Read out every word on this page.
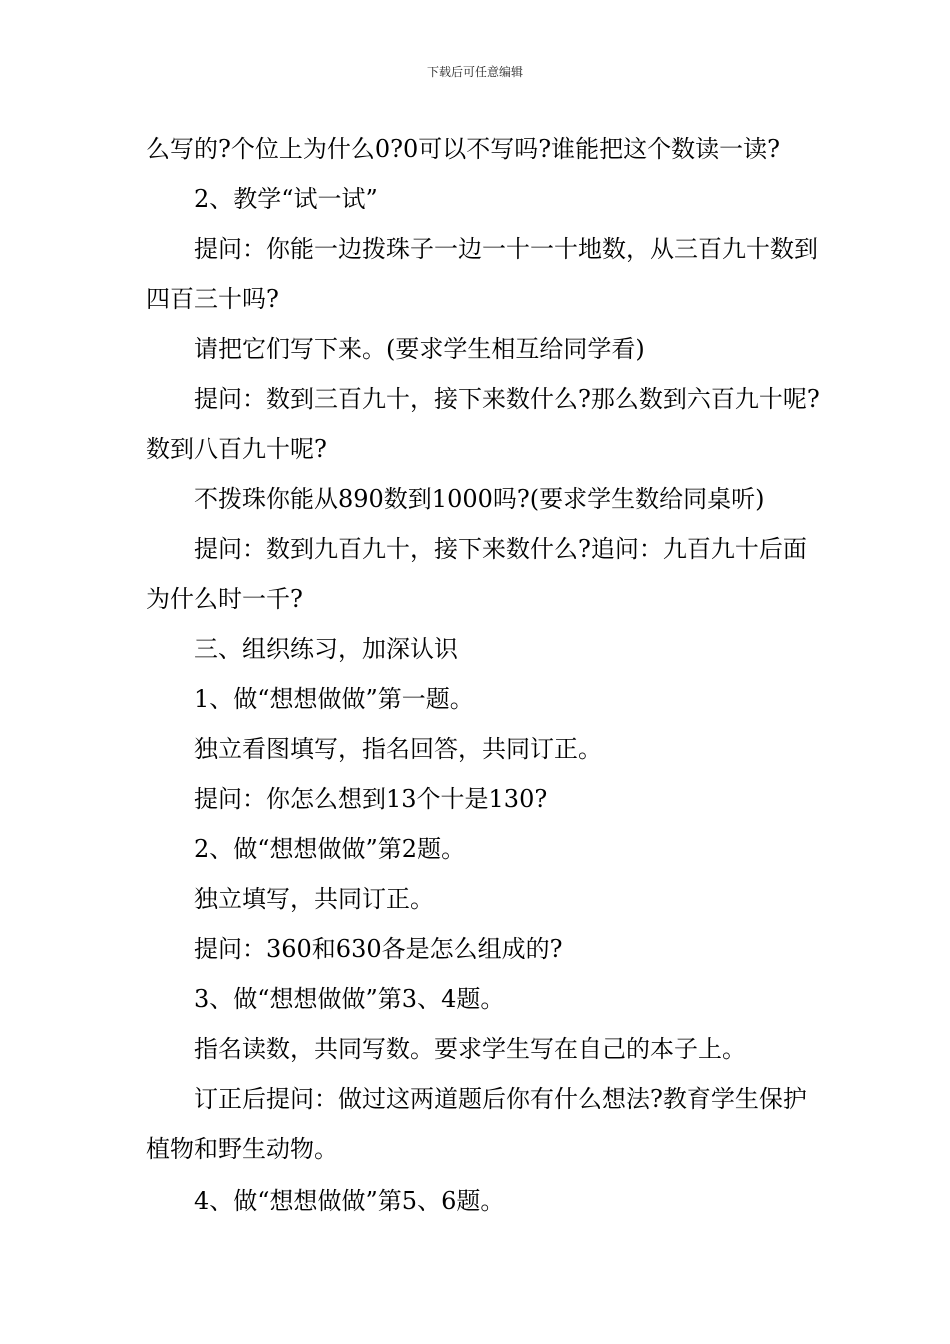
下载后可任意编辑

么写的?个位上为什么0?0可以不写吗?谁能把这个数读一读?

2、教学“试一试”

提问：你能一边拨珠子一边一十一十地数，从三百九十数到四百三十吗?

请把它们写下来。(要求学生相互给同学看)

提问：数到三百九十，接下来数什么?那么数到六百九十呢?数到八百九十呢?

不拨珠你能从890数到1000吗?(要求学生数给同桌听)

提问：数到九百九十，接下来数什么?追问：九百九十后面为什么时一千?

三、组织练习，加深认识

1、做“想想做做”第一题。

独立看图填写，指名回答，共同订正。

提问：你怎么想到13个十是130?

2、做“想想做做”第2题。

独立填写，共同订正。

提问：360和630各是怎么组成的?

3、做“想想做做”第3、4题。

指名读数，共同写数。要求学生写在自己的本子上。

订正后提问：做过这两道题后你有什么想法?教育学生保护植物和野生动物。

4、做“想想做做”第5、6题。
